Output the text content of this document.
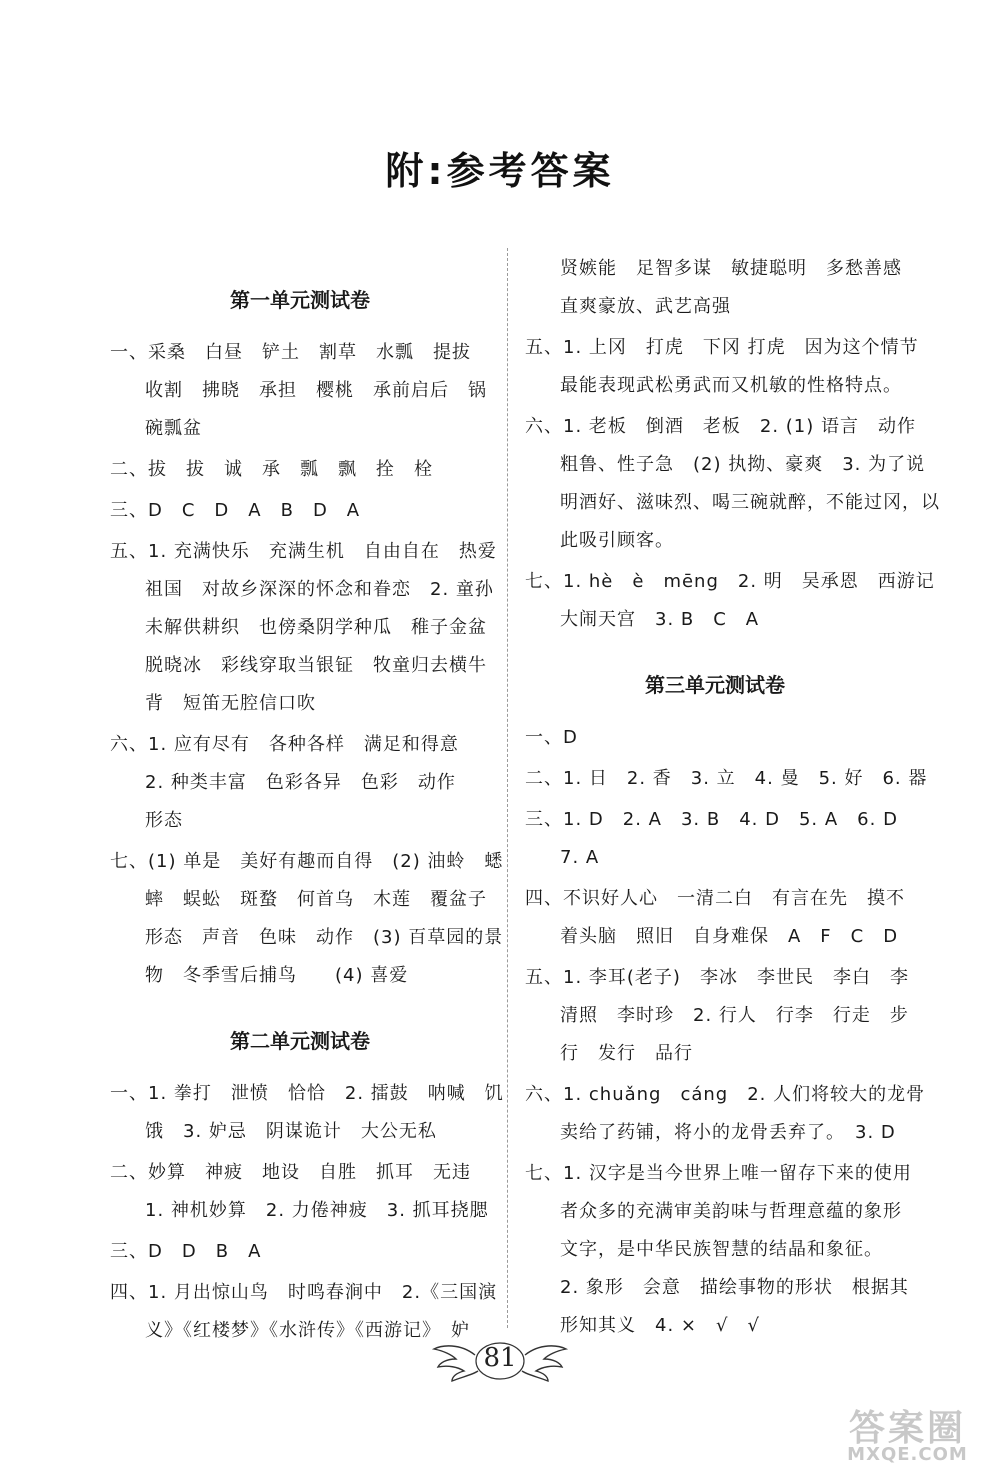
附:参考答案
第一单元测试卷
一、采桑　白昼　铲土　割草　水瓢　提拔
收割　拂晓　承担　樱桃　承前启后　锅
碗瓢盆
二、拔　拔　诚　承　瓢　飘　拴　栓
三、D　C　D　A　B　D　A
五、1. 充满快乐　充满生机　自由自在　热爱
祖国　对故乡深深的怀念和眷恋　2. 童孙
未解供耕织　也傍桑阴学种瓜　稚子金盆
脱晓冰　彩线穿取当银钲　牧童归去横牛
背　短笛无腔信口吹
六、1. 应有尽有　各种各样　满足和得意
2. 种类丰富　色彩各异　色彩　动作
形态
七、(1) 单是　美好有趣而自得　(2) 油蛉　蟋
蟀　蜈蚣　斑蝥　何首乌　木莲　覆盆子
形态　声音　色味　动作　(3) 百草园的景
物　冬季雪后捕鸟　　(4) 喜爱
第二单元测试卷
一、1. 拳打　泄愤　恰恰　2. 擂鼓　呐喊　饥
饿　3. 妒忌　阴谋诡计　大公无私
二、妙算　神疲　地设　自胜　抓耳　无违
1. 神机妙算　2. 力倦神疲　3. 抓耳挠腮
三、D　D　B　A
四、1. 月出惊山鸟　时鸣春涧中　2.《三国演
义》《红楼梦》《水浒传》《西游记》　妒
贤嫉能　足智多谋　敏捷聪明　多愁善感
直爽豪放、武艺高强
五、1. 上冈　打虎　下冈 打虎　因为这个情节
最能表现武松勇武而又机敏的性格特点。
六、1. 老板　倒酒　老板　2. (1) 语言　动作
粗鲁、性子急　(2) 执拗、豪爽　3. 为了说
明酒好、滋味烈、喝三碗就醉，不能过冈，以
此吸引顾客。
七、1. hè　è　mēng　2. 明　吴承恩　西游记
大闹天宫　3. B　C　A
第三单元测试卷
一、D
二、1. 日　2. 香　3. 立　4. 曼　5. 好　6. 器
三、1. D　2. A　3. B　4. D　5. A　6. D
7. A
四、不识好人心　一清二白　有言在先　摸不
着头脑　照旧　自身难保　A　F　C　D
五、1. 李耳(老子)　李冰　李世民　李白　李
清照　李时珍　2. 行人　行李　行走　步
行　发行　品行
六、1. chuǎng　cáng　2. 人们将较大的龙骨
卖给了药铺，将小的龙骨丢弃了。　3. D
七、1. 汉字是当今世界上唯一留存下来的使用
者众多的充满审美韵味与哲理意蕴的象形
文字，是中华民族智慧的结晶和象征。
2. 象形　会意　描绘事物的形状　根据其
形知其义　4. ×　√　√
81
答案圈
MXQE.COM
